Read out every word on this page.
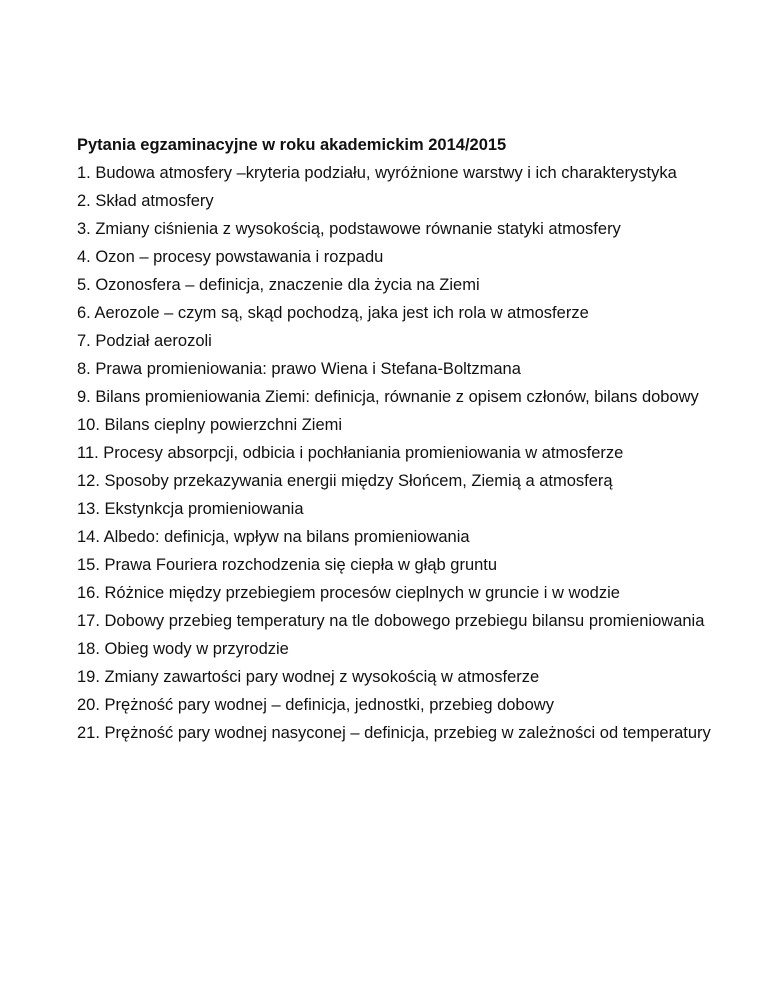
Pytania egzaminacyjne w roku akademickim 2014/2015

1. Budowa atmosfery –kryteria podziału, wyróżnione warstwy i ich charakterystyka
2. Skład atmosfery
3. Zmiany ciśnienia z wysokością, podstawowe równanie statyki atmosfery
4. Ozon – procesy powstawania i rozpadu
5. Ozonosfera – definicja, znaczenie dla życia na Ziemi
6. Aerozole – czym są, skąd pochodzą, jaka jest ich rola w atmosferze
7. Podział aerozoli
8. Prawa promieniowania: prawo Wiena i Stefana-Boltzmana
9. Bilans promieniowania Ziemi: definicja, równanie z opisem członów, bilans dobowy
10. Bilans cieplny powierzchni Ziemi
11. Procesy absorpcji, odbicia i pochłaniania promieniowania w atmosferze
12. Sposoby przekazywania energii między Słońcem, Ziemią a atmosferą
13. Ekstynkcja promieniowania
14. Albedo: definicja, wpływ na bilans promieniowania
15. Prawa Fouriera rozchodzenia się ciepła w głąb gruntu
16. Różnice między przebiegiem procesów cieplnych w gruncie i w wodzie
17. Dobowy przebieg temperatury na tle dobowego przebiegu bilansu promieniowania
18. Obieg wody w przyrodzie
19. Zmiany zawartości pary wodnej z wysokością w atmosferze
20. Prężność pary wodnej – definicja, jednostki, przebieg dobowy
21. Prężność pary wodnej nasyconej – definicja, przebieg w zależności od temperatury
